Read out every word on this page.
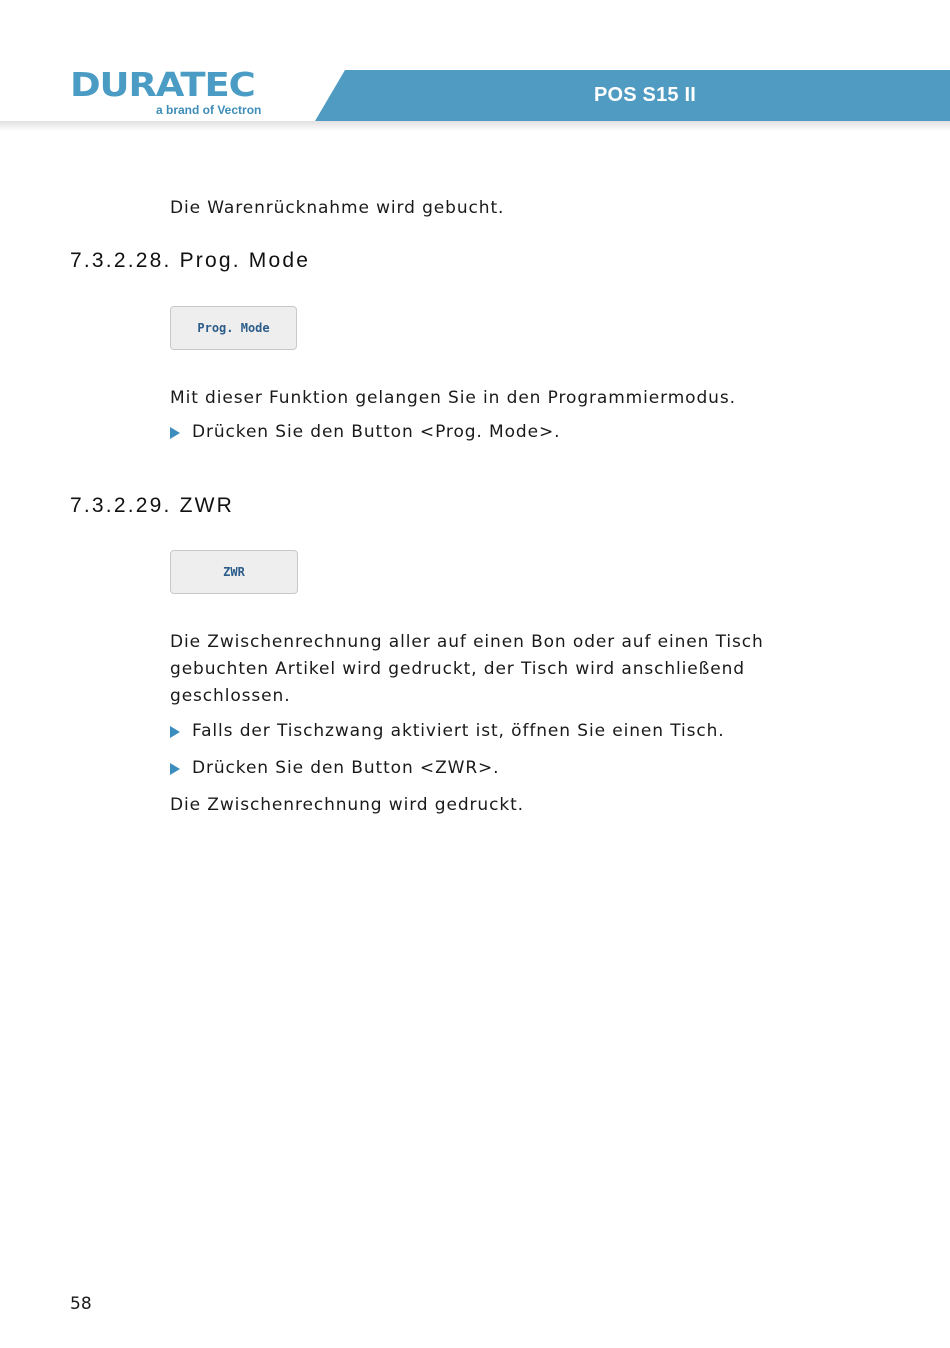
DURATEC
a brand of Vectron
POS S15 II

Die Warenrücknahme wird gebucht.

7.3.2.28. Prog. Mode
Prog. Mode

Mit dieser Funktion gelangen Sie in den Programmiermodus.

Drücken Sie den Button <Prog. Mode>.
7.3.2.29. ZWR
ZWR
Die Zwischenrechnung aller auf einen Bon oder auf einen Tisch
gebuchten Artikel wird gedruckt, der Tisch wird anschließend
geschlossen.
Falls der Tischzwang aktiviert ist, öffnen Sie einen Tisch.
Drücken Sie den Button <ZWR>.

Die Zwischenrechnung wird gedruckt.

58
